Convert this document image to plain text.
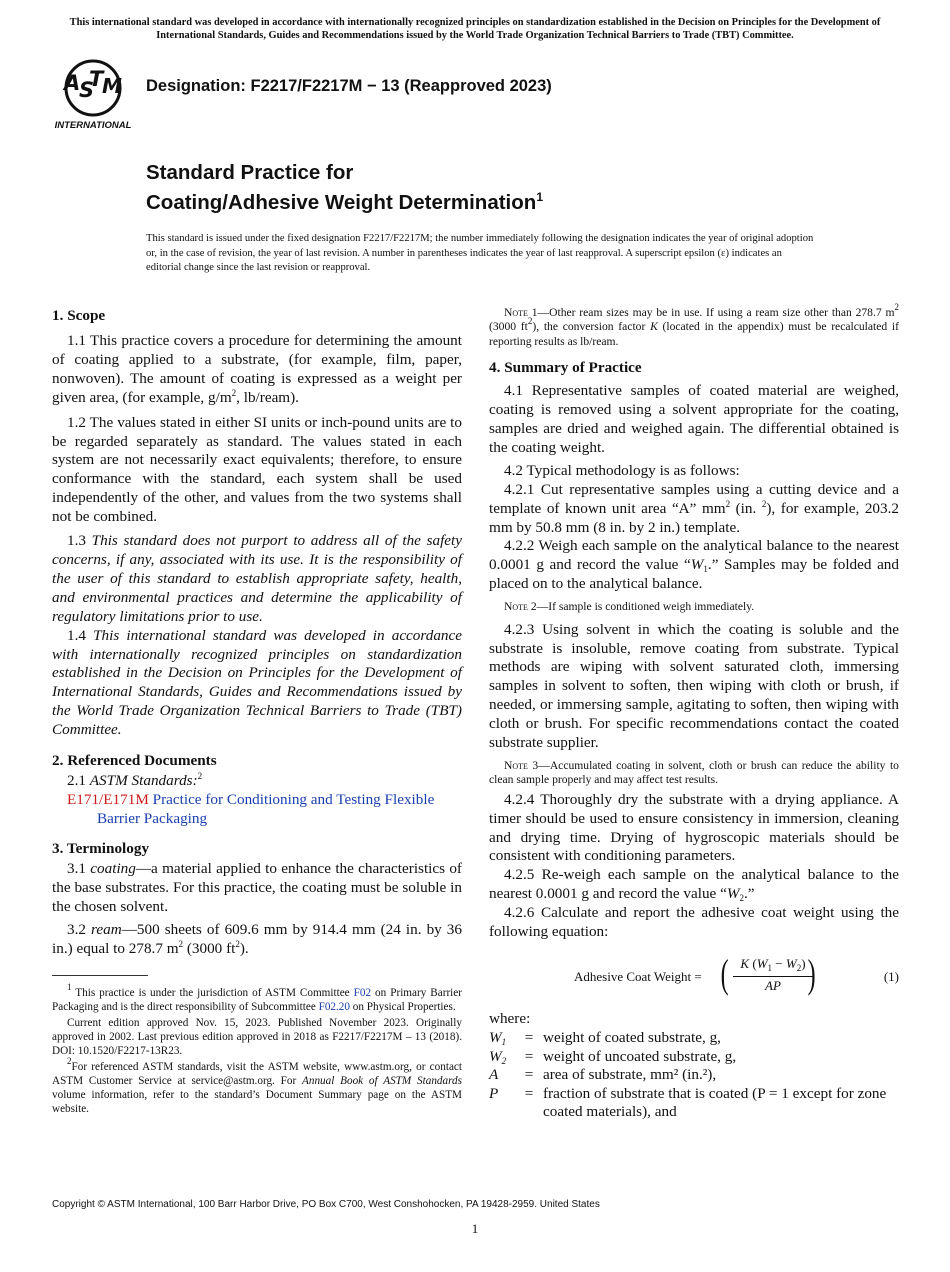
This international standard was developed in accordance with internationally recognized principles on standardization established in the Decision on Principles for the Development of International Standards, Guides and Recommendations issued by the World Trade Organization Technical Barriers to Trade (TBT) Committee.
A
S
T
M
INTERNATIONAL
Designation: F2217/F2217M − 13 (Reapproved 2023)
Standard Practice for
Coating/Adhesive Weight Determination$^1$
This standard is issued under the fixed designation F2217/F2217M; the number immediately following the designation indicates the year of original adoption or, in the case of revision, the year of last revision. A number in parentheses indicates the year of last reapproval. A superscript epsilon (ε) indicates an editorial change since the last revision or reapproval.
1. Scope

1.1 This practice covers a procedure for determining the amount of coating applied to a substrate, (for example, film, paper, nonwoven). The amount of coating is expressed as a weight per given area, (for example, $g/m^2$, lb/ream).

1.2 The values stated in either SI units or inch-pound units are to be regarded separately as standard. The values stated in each system are not necessarily exact equivalents; therefore, to ensure conformance with the standard, each system shall be used independently of the other, and values from the two systems shall not be combined.

1.3 This standard does not purport to address all of the safety concerns, if any, associated with its use. It is the responsibility of the user of this standard to establish appropriate safety, health, and environmental practices and determine the applicability of regulatory limitations prior to use.

1.4 This international standard was developed in accordance with internationally recognized principles on standardization established in the Decision on Principles for the Development of International Standards, Guides and Recommendations issued by the World Trade Organization Technical Barriers to Trade (TBT) Committee.

2. Referenced Documents

2.1 ASTM Standards:$^2$

E171/E171M Practice for Conditioning and Testing Flexible Barrier Packaging

3. Terminology

3.1 coating—a material applied to enhance the characteristics of the base substrates. For this practice, the coating must be soluble in the chosen solvent.

3.2 ream—500 sheets of 609.6 mm by 914.4 mm (24 in. by 36 in.) equal to 278.7 $m^2$ (3000 $ft^2$).

$^1$ This practice is under the jurisdiction of ASTM Committee F02 on Primary Barrier Packaging and is the direct responsibility of Subcommittee F02.20 on Physical Properties.

Current edition approved Nov. 15, 2023. Published November 2023. Originally approved in 2002. Last previous edition approved in 2018 as F2217/F2217M – 13 (2018). DOI: 10.1520/F2217-13R23.

$^2$For referenced ASTM standards, visit the ASTM website, www.astm.org, or contact ASTM Customer Service at service@astm.org. For Annual Book of ASTM Standards volume information, refer to the standard’s Document Summary page on the ASTM website.

Note 1—Other ream sizes may be in use. If using a ream size other than 278.7 $m^2$ (3000 $ft^2$), the conversion factor K (located in the appendix) must be recalculated if reporting results as lb/ream.
4. Summary of Practice

4.1 Representative samples of coated material are weighed, coating is removed using a solvent appropriate for the coating, samples are dried and weighed again. The differential obtained is the coating weight.

4.2 Typical methodology is as follows:

4.2.1 Cut representative samples using a cutting device and a template of known unit area “A” $mm^2$ (in. $^2$), for example, 203.2 mm by 50.8 mm (8 in. by 2 in.) template.

4.2.2 Weigh each sample on the analytical balance to the nearest 0.0001 g and record the value “$W_1$.” Samples may be folded and placed on to the analytical balance.

Note 2—If sample is conditioned weigh immediately.

4.2.3 Using solvent in which the coating is soluble and the substrate is insoluble, remove coating from substrate. Typical methods are wiping with solvent saturated cloth, immersing samples in solvent to soften, then wiping with cloth or brush, if needed, or immersing sample, agitating to soften, then wiping with cloth or brush. For specific recommendations contact the coated substrate supplier.

Note 3—Accumulated coating in solvent, cloth or brush can reduce the ability to clean sample properly and may affect test results.

4.2.4 Thoroughly dry the substrate with a drying appliance. A timer should be used to ensure consistency in immersion, cleaning and drying time. Drying of hygroscopic materials should be consistent with conditioning parameters.

4.2.5 Re-weigh each sample on the analytical balance to the nearest 0.0001 g and record the value “$W_2$.”

4.2.6 Calculate and report the adhesive coat weight using the following equation:

Adhesive Coat Weight = ( $\frac{K (W_1 - W_2)}{AP}$
)	(1)
where:
$W_1$	=	weight of coated substrate, g,
$W_2$	=	weight of uncoated substrate, g,
A	=	area of substrate, mm² (in.²),
P	=	fraction of substrate that is coated (P = 1 except for zone coated materials), and
Copyright © ASTM International, 100 Barr Harbor Drive, PO Box C700, West Conshohocken, PA 19428-2959. United States
1
